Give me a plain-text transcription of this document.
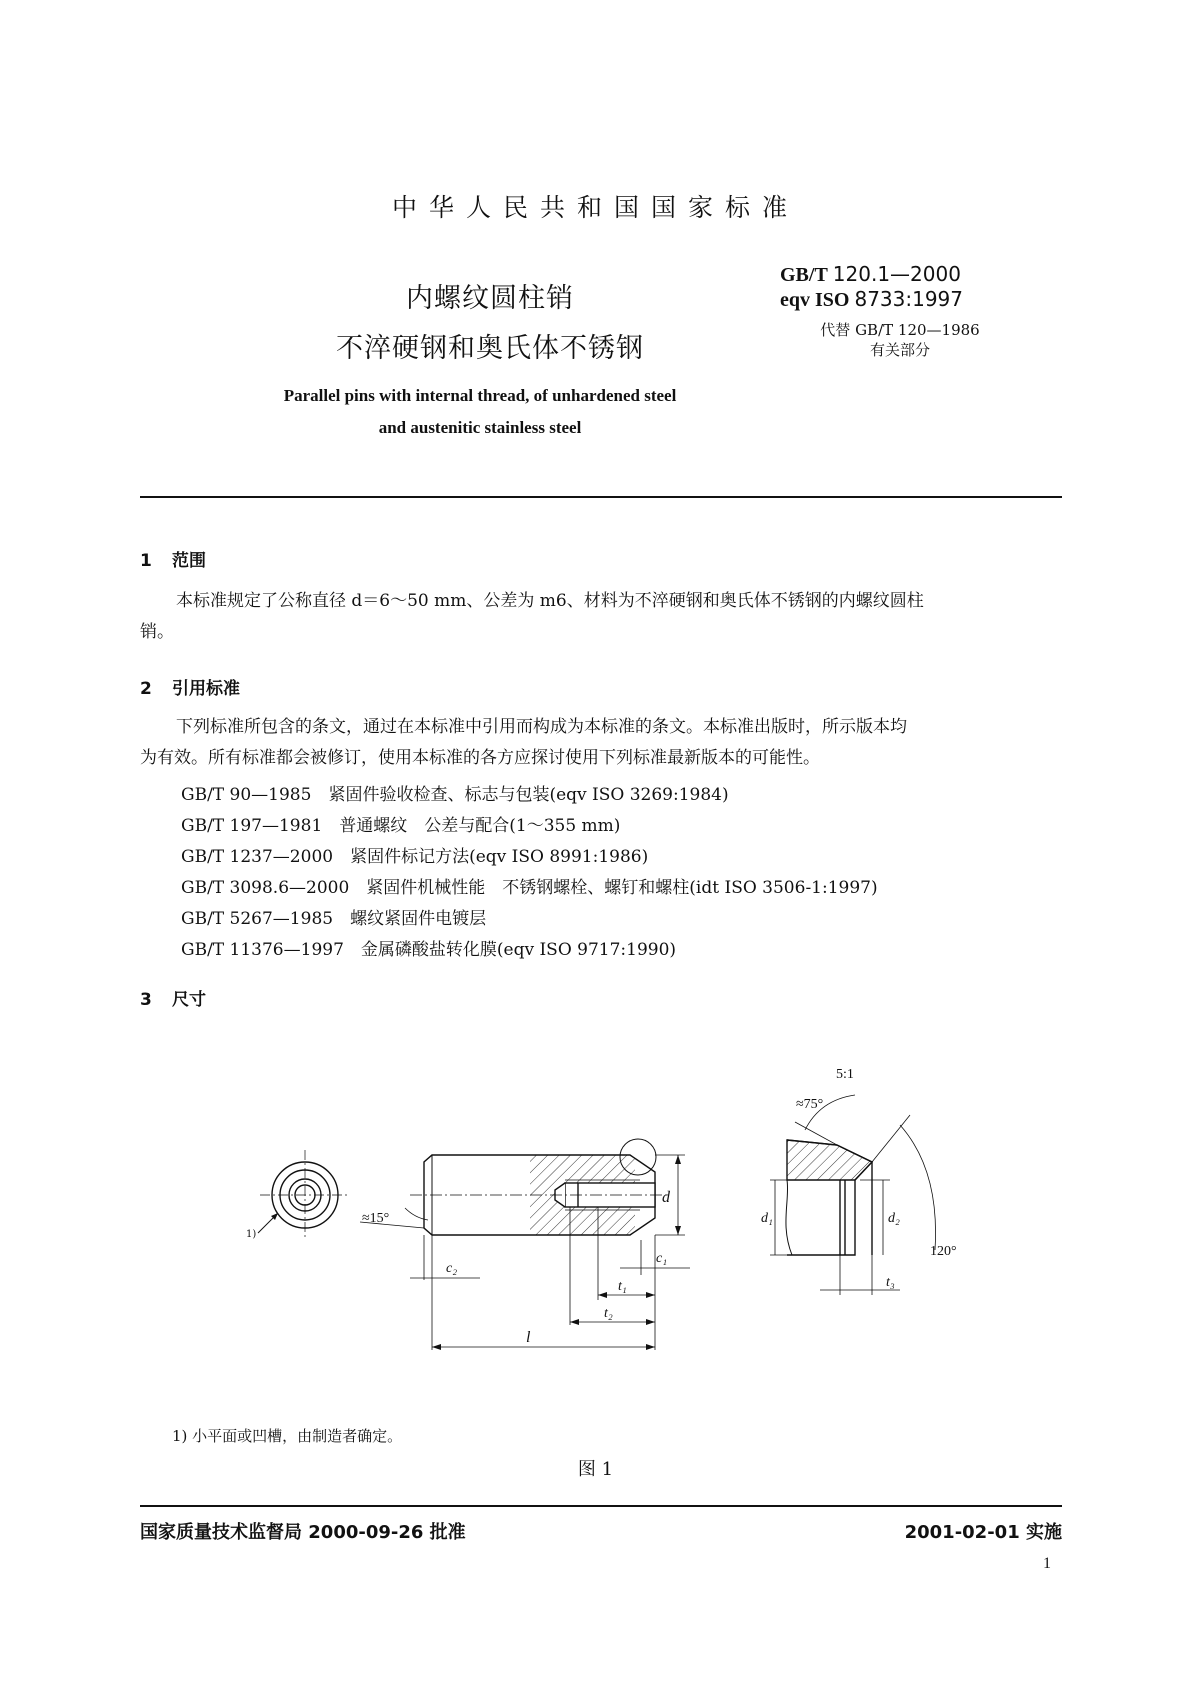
中华人民共和国国家标准
内螺纹圆柱销
不淬硬钢和奥氏体不锈钢
GB/T 120.1—2000
eqv ISO 8733:1997
代替 GB/T 120—1986
有关部分
Parallel pins with internal thread, of unhardened steel
and austenitic stainless steel
1 范围
本标准规定了公称直径 d＝6～50 mm、公差为 m6、材料为不淬硬钢和奥氏体不锈钢的内螺纹圆柱
销。
2 引用标准
下列标准所包含的条文，通过在本标准中引用而构成为本标准的条文。本标准出版时，所示版本均
为有效。所有标准都会被修订，使用本标准的各方应探讨使用下列标准最新版本的可能性。
GB/T 90—1985　紧固件验收检查、标志与包装(eqv ISO 3269:1984)
GB/T 197—1981　普通螺纹　公差与配合(1～355 mm)
GB/T 1237—2000　紧固件标记方法(eqv ISO 8991:1986)
GB/T 3098.6—2000　紧固件机械性能　不锈钢螺栓、螺钉和螺柱(idt ISO 3506-1:1997)
GB/T 5267—1985　螺纹紧固件电镀层
GB/T 11376—1997　金属磷酸盐转化膜(eqv ISO 9717:1990)
3 尺寸
1)
≈15°
d
c₂
c₁
t₁
t₂
l
5:1
≈75°
120°
d₁	d₂
t₃
1) 小平面或凹槽，由制造者确定。
图 1
国家质量技术监督局 2000-09-26 批准	2001-02-01 实施
1
